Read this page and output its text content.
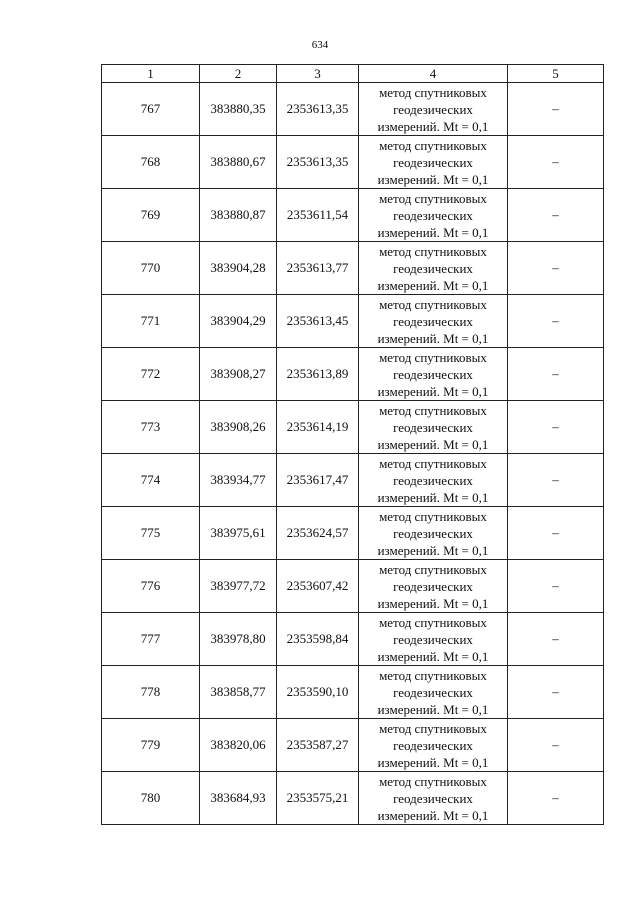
634
1	2	3	4	5
767	383880,35	2353613,35	метод спутниковых
геодезических
измерений. Mt = 0,1	–
768	383880,67	2353613,35	метод спутниковых
геодезических
измерений. Mt = 0,1	–
769	383880,87	2353611,54	метод спутниковых
геодезических
измерений. Mt = 0,1	–
770	383904,28	2353613,77	метод спутниковых
геодезических
измерений. Mt = 0,1	–
771	383904,29	2353613,45	метод спутниковых
геодезических
измерений. Mt = 0,1	–
772	383908,27	2353613,89	метод спутниковых
геодезических
измерений. Mt = 0,1	–
773	383908,26	2353614,19	метод спутниковых
геодезических
измерений. Mt = 0,1	–
774	383934,77	2353617,47	метод спутниковых
геодезических
измерений. Mt = 0,1	–
775	383975,61	2353624,57	метод спутниковых
геодезических
измерений. Mt = 0,1	–
776	383977,72	2353607,42	метод спутниковых
геодезических
измерений. Mt = 0,1	–
777	383978,80	2353598,84	метод спутниковых
геодезических
измерений. Mt = 0,1	–
778	383858,77	2353590,10	метод спутниковых
геодезических
измерений. Mt = 0,1	–
779	383820,06	2353587,27	метод спутниковых
геодезических
измерений. Mt = 0,1	–
780	383684,93	2353575,21	метод спутниковых
геодезических
измерений. Mt = 0,1	–
